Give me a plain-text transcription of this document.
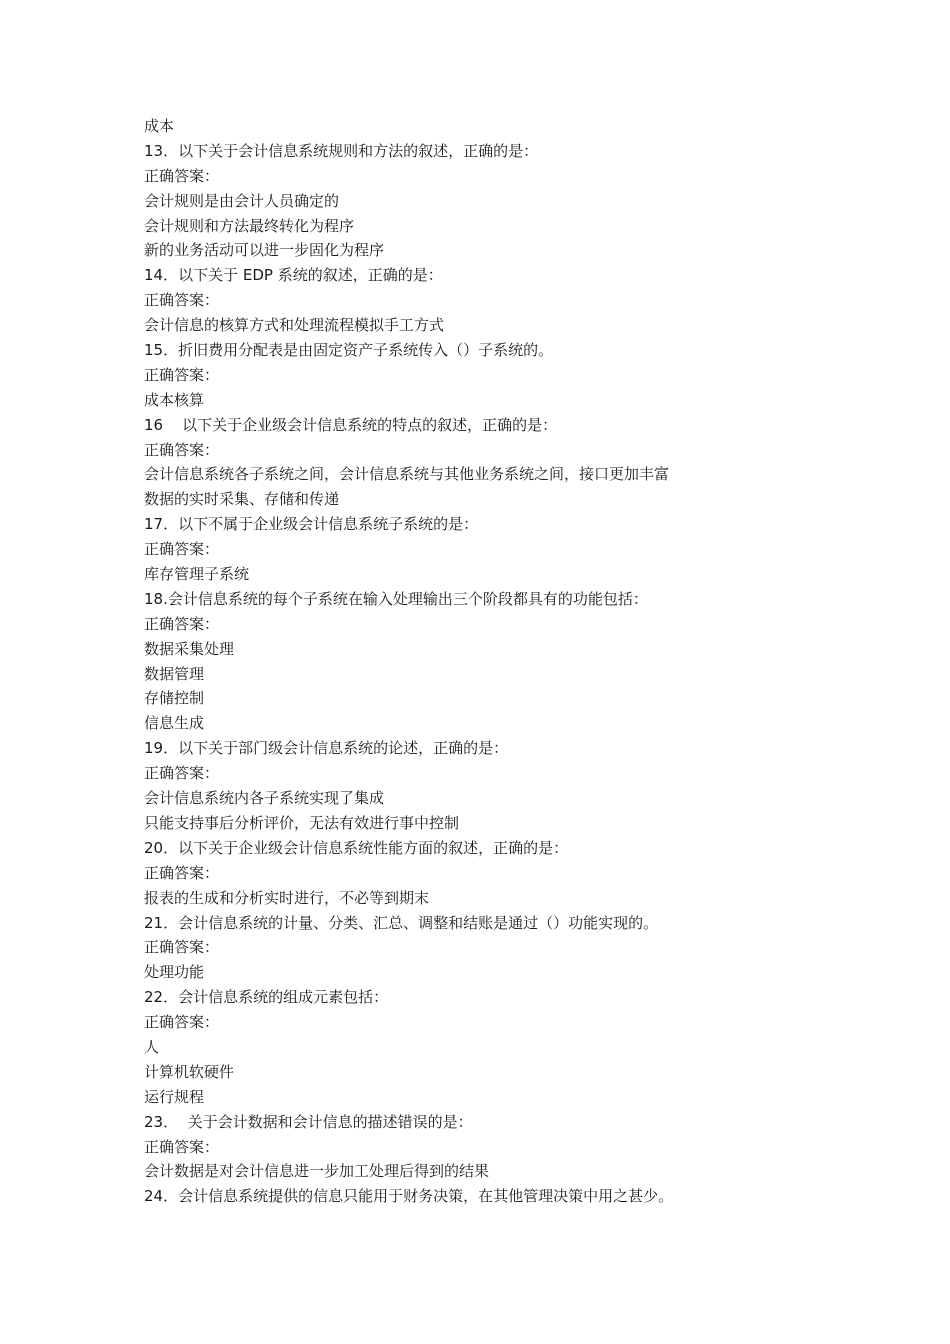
成本
13．以下关于会计信息系统规则和方法的叙述，正确的是：
正确答案：
会计规则是由会计人员确定的
会计规则和方法最终转化为程序
新的业务活动可以进一步固化为程序
14．以下关于 EDP 系统的叙述，正确的是：
正确答案：
会计信息的核算方式和处理流程模拟手工方式
15．折旧费用分配表是由固定资产子系统传入（）子系统的。
正确答案：
成本核算
16    以下关于企业级会计信息系统的特点的叙述，正确的是：
正确答案：
会计信息系统各子系统之间，会计信息系统与其他业务系统之间，接口更加丰富
数据的实时采集、存储和传递
17．以下不属于企业级会计信息系统子系统的是：
正确答案：
库存管理子系统
18.会计信息系统的每个子系统在输入处理输出三个阶段都具有的功能包括：
正确答案：
数据采集处理
数据管理
存储控制
信息生成
19．以下关于部门级会计信息系统的论述，正确的是：
正确答案：
会计信息系统内各子系统实现了集成
只能支持事后分析评价，无法有效进行事中控制
20．以下关于企业级会计信息系统性能方面的叙述，正确的是：
正确答案：
报表的生成和分析实时进行，不必等到期末
21．会计信息系统的计量、分类、汇总、调整和结账是通过（）功能实现的。
正确答案：
处理功能
22．会计信息系统的组成元素包括：
正确答案：
人
计算机软硬件
运行规程
23．  关于会计数据和会计信息的描述错误的是：
正确答案：
会计数据是对会计信息进一步加工处理后得到的结果
24．会计信息系统提供的信息只能用于财务决策，在其他管理决策中用之甚少。
